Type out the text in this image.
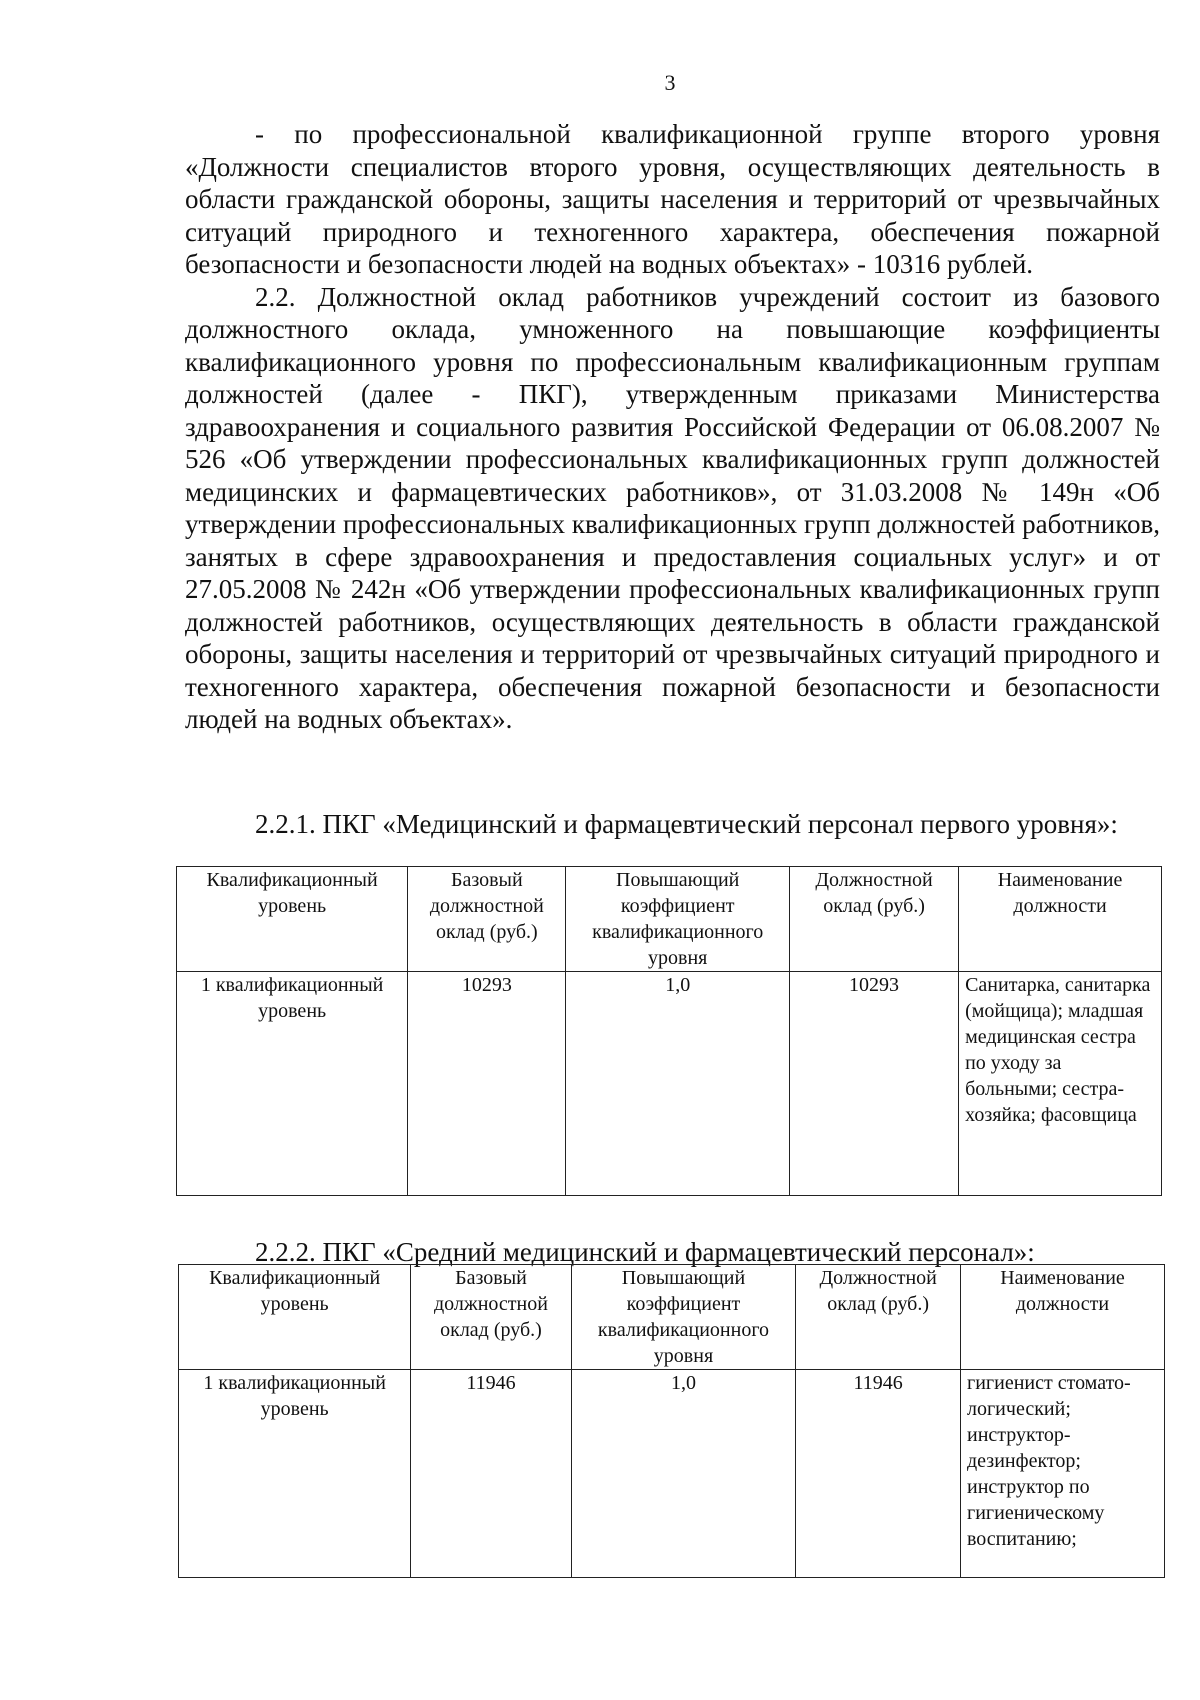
3

- по профессиональной квалификационной группе второго уровня «Должности специалистов второго уровня, осуществляющих деятельность в области гражданской обороны, защиты населения и территорий от чрезвычайных ситуаций природного и техногенного характера, обеспечения пожарной безопасности и безопасности людей на водных объектах» - 10316 рублей.

2.2. Должностной оклад работников учреждений состоит из базового должностного оклада, умноженного на повышающие коэффициенты квалификационного уровня по профессиональным квалификационным группам должностей (далее - ПКГ), утвержденным приказами Министерства здравоохранения и социального развития Российской Федерации от 06.08.2007 № 526 «Об утверждении профессиональных квалификационных групп должностей медицинских и фармацевтических работников», от 31.03.2008 № 149н «Об утверждении профессиональных квалификационных групп должностей работников, занятых в сфере здравоохранения и предоставления социальных услуг» и от 27.05.2008 № 242н «Об утверждении профессиональных квалификационных групп должностей работников, осуществляющих деятельность в области гражданской обороны, защиты населения и территорий от чрезвычайных ситуаций природного и техногенного характера, обеспечения пожарной безопасности и безопасности людей на водных объектах».

2.2.1. ПКГ «Медицинский и фармацевтический персонал первого уровня»:

Квалификационный уровень	Базовый должностной оклад (руб.)	Повышающий коэффициент квалификационного уровня	Должностной оклад (руб.)	Наименование должности
1 квалификационный уровень	10293	1,0	10293	Санитарка, санитарка (мойщица); младшая медицинская сестра по уходу за больными; сестра-хозяйка; фасовщица

2.2.2. ПКГ «Средний медицинский и фармацевтический персонал»:

Квалификационный уровень	Базовый должностной оклад (руб.)	Повышающий коэффициент квалификационного уровня	Должностной оклад (руб.)	Наименование должности
1 квалификационный уровень	11946	1,0	11946	гигиенист стомато-логический; инструктор-дезинфектор; инструктор по гигиеническому воспитанию;
